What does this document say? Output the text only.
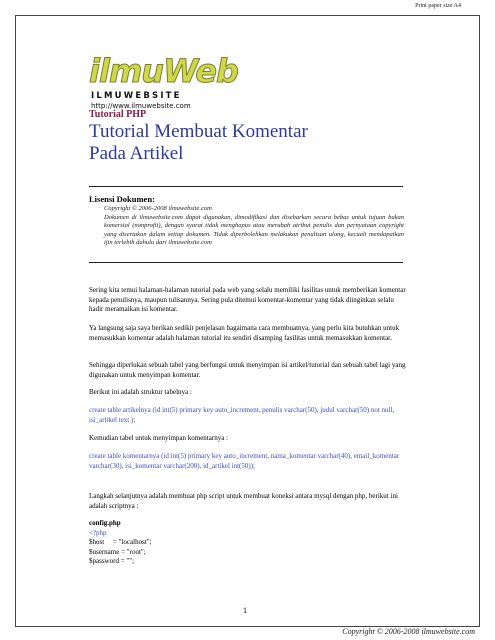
Print paper size A4
ilmuWeb
ILMUWEBSITE
http://www.ilmuwebsite.com
Tutorial PHP
Tutorial Membuat Komentar Pada Artikel
Lisensi Dokumen:

Copyright © 2006-2008 ilmuwebsite.com

Dokumen di ilmuwebsite.com dapat digunakan, dimodifikasi dan disebarkan secara bebas untuk tujuan bukan komersial (nonprofit), dengan syarat tidak menghapus atau merubah atribut penulis dan pernyataan copyright yang disertakan dalam setiap dokumen. Tidak diperbolehkan melakukan penulisan ulang, kecuali mendapatkan ijin terlebih dahulu dari ilmuwebsite.com

Sering kita temui halaman-halaman tutorial pada web yang selalu memiliki fasilitas untuk memberikan komentar kepada penulisnya, maupun tulisannya. Sering pula ditemui komentar-komentar yang tidak diinginkan selalu hadir meramaikan isi komentar.

Ya langsung saja saya berikan sedikit penjelasan bagaimana cara membuatnya, yang perlu kita butuhkan untuk memasukkan komentar adalah halaman tutorial itu sendiri disamping fasilitas untuk memasukkan komentar.

Sehingga diperlukan sebuah tabel yang berfungsi untuk menyimpan isi artikel/tutorial dan sebuah tabel lagi yang digunakan untuk menyimpan komentar.

Berikut ini adalah struktur tabelnya :

create table artikelnya (id int(5) primary key auto_increment, penulis varchar(50), judul varchar(50) not null, isi_artikel text );

Kemudian tabel untuk menyimpan komentarnya :

create table komentarnya (id int(5) primary key auto_increment, nama_komentar varchar(40), email_komentar varchar(30), isi_komentar varchar(200), id_artikel int(50));

Langkah selanjutnya adalah membuat php script untuk membuat koneksi antara mysql dengan php, berikut ini adalah scriptnya :

config.php
<?php
$host     = "localhost";
$username = "root";
$password = "";
1
Copyright © 2006-2008 ilmuwebsite.com
